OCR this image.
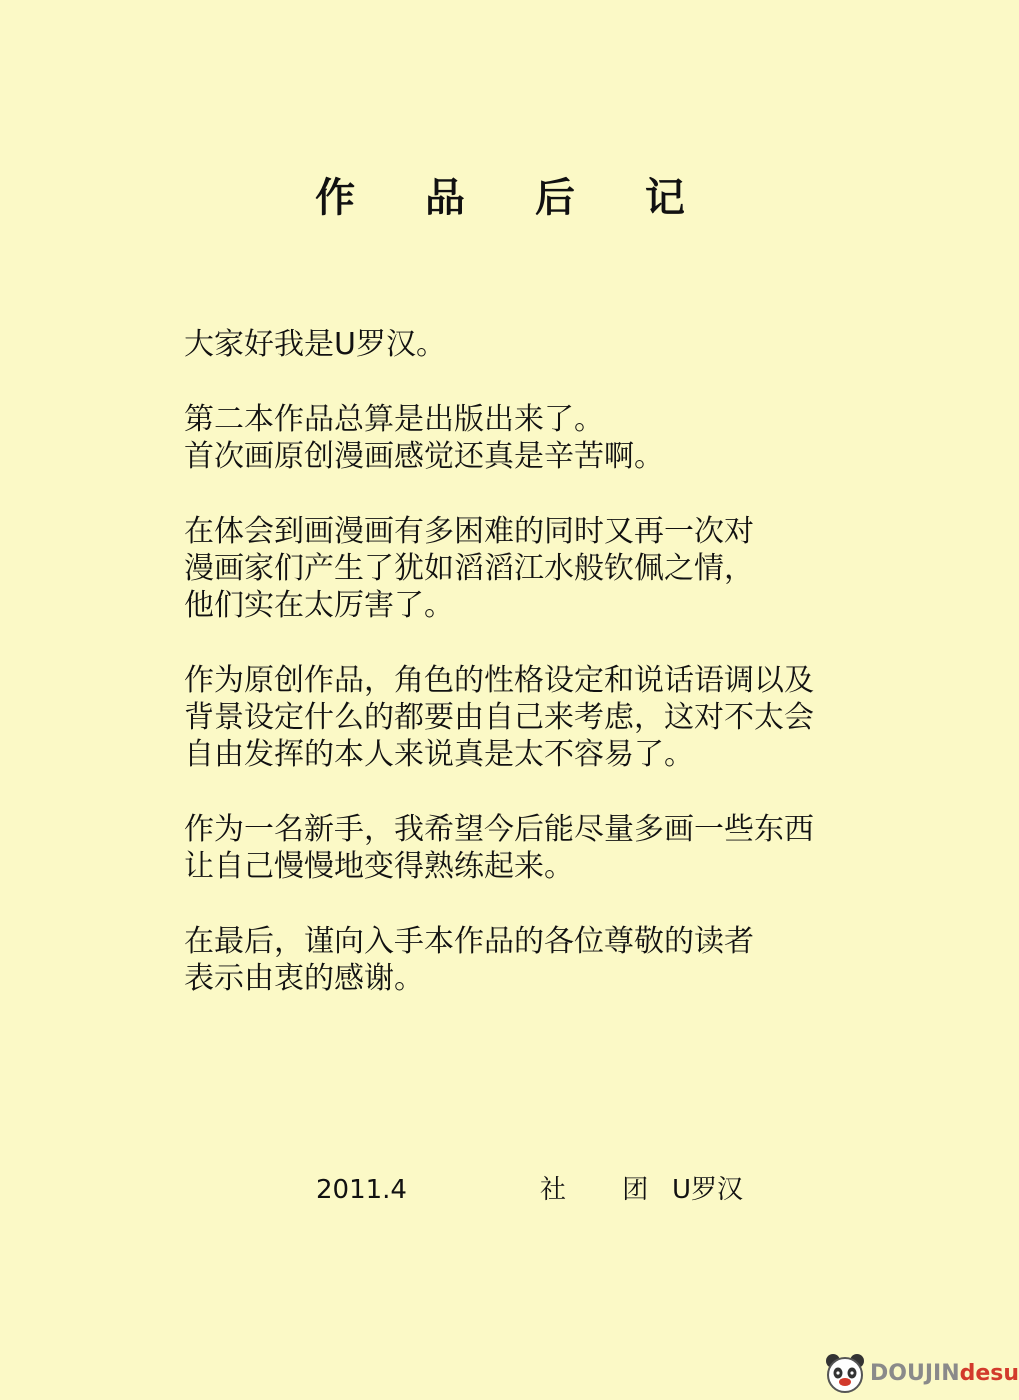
作 品 后 记

大家好我是U罗汉。

第二本作品总算是出版出来了。
首次画原创漫画感觉还真是辛苦啊。

在体会到画漫画有多困难的同时又再一次对
漫画家们产生了犹如滔滔江水般钦佩之情，
他们实在太厉害了。

作为原创作品，角色的性格设定和说话语调以及
背景设定什么的都要由自己来考虑，这对不太会
自由发挥的本人来说真是太不容易了。

作为一名新手，我希望今后能尽量多画一些东西
让自己慢慢地变得熟练起来。

在最后，谨向入手本作品的各位尊敬的读者
表示由衷的感谢。

2011.4	社 团 U罗汉
DOUJINdesu
